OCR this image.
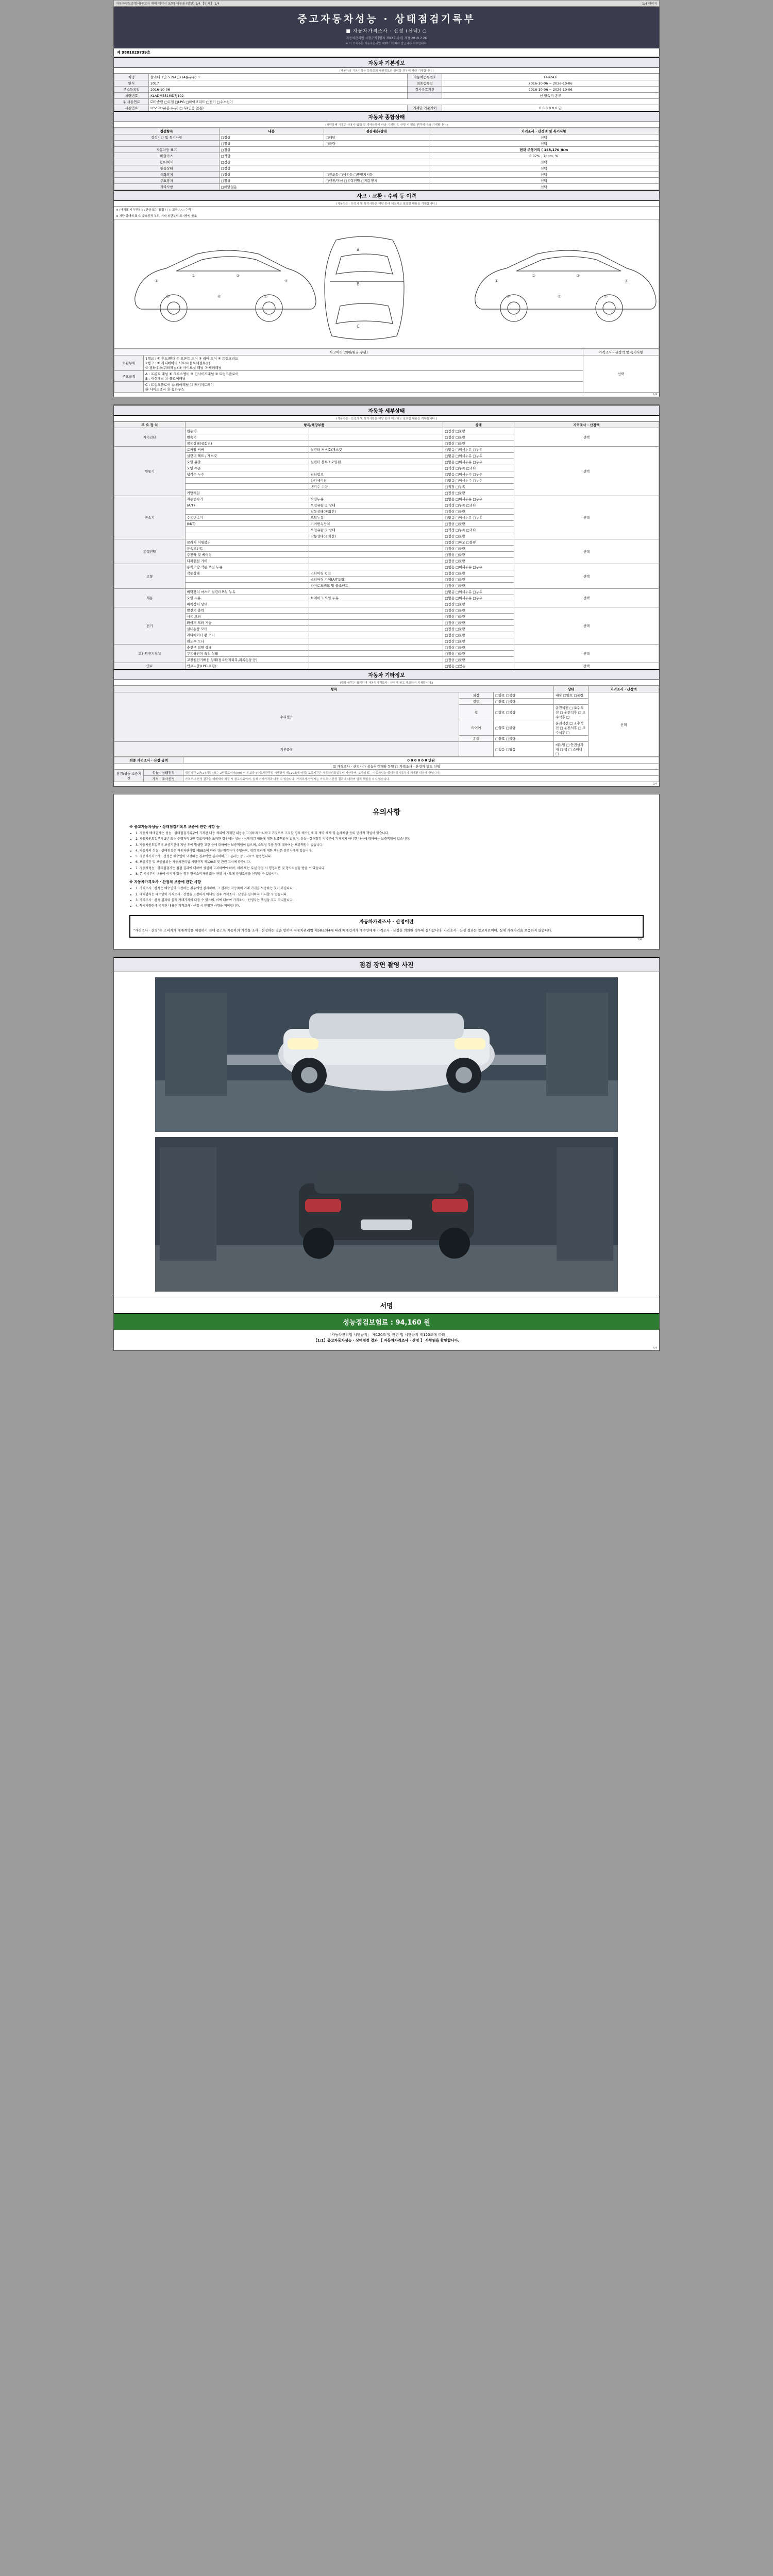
자동차양도증명서(중고차 매매 계약서 포함) 제공용 (앞면) 1/4 【인쇄】 1/4	1/4 페이지
중고자동차성능 · 상태점검기록부
■ 자동차가격조사 · 산정 (선택) ○
자동차관리법 시행규칙 [별지 제82호서식] 개정 2019.2.26
※ 이 기록부는 자동차관리법 제58조에 따라 발급되는 서류입니다.
제 9801029739호
자동차 기본정보
(자동차의 기본기록은 등록증의 제원정보와 상이할 경우에 따라 기재합니다.)
차명	쏠라티 1인 5.2(4인) (4륜구동) ☞	자동차등록번호	14924호
연식	2017	최초등록일	2016-10-06 ~ 2026-10-06
주소등록일	2016-10-06	검사유효기간	2016-10-06 ~ 2026-10-06
차량번호	KLADM551MD7J102		신 변속기 종류
주 사용연료	☑가솔린 □디젤 □LPG □하이브리드 □전기 □수소전기		
사용연료	LPV ☑ 유(본 유무) □ 무(인증 없음)	기재단 기준기어	0 0 0 0 0 0 단
자동차 종합상태
(차량상태 기록은 사용자 입력 및 계약사항에 따라 기재되며, 산정 시 별도 선택에 따라 기재됩니다.)
점검항목	내용	점검내용/상태	가격조사 · 산정액 및 특기사항
검정기간 및 특기사항	□정상	□해당	선택
	□정상	□불량	선택
자동차등 표기	□정상		현재 주행거리 ( 145,170 )Km
배출가스	□적합		0.07% , 7ppm, %
휠/타이어	□정상		선택
핸들상태	□정상		선택
등화장치	□정상	□전조등 □제동등 □방향지시등	선택
주요장치	□정상	□엔진/미션 □동력전달 □제동장치	선택
기타사항	□해당없음		선택
사고 · 교환 · 수리 등 이력
(자동차는 · 산정자 및 특기사항은 해당 칸에 체크하고 필요한 내용을 기재합니다.)
※ (사체표 시 부위) ○ : 판금 또는 용접 / □ : 교환 / △ : 수리
※ 차량 상태에 표기: 주요골격 부위, 기타 외판부위 표시방법 참조
①
②	③
④
⑤	⑥	⑦
A
B
C
①
②	③
④
⑤	⑥	⑦
사고이력 (외판/판금 부위)		가격조사 · 산정액 및 특기사항
외판부위	1랭크 : ① 후드/휀더 ② 프론트 도어 ③ 리어 도어 ④ 트렁크리드
2랭크 : ⑤ 라디에이터 서포트(볼트체결부품)
③ 휠하우스(쿼터패널) ⑥ 사이드실 패널 ⑦ 필러패널	선택
주요골격	A : 프론트 패널 ⑧ 크로스멤버 ⑨ 인사이드패널 ⑩ 트렁크플로어
B : 대쉬패널 ⑪ 플로어패널	

	C : 트렁크플로어 ⑫ 리어패널 ⑬ 패키지트레이
⑭ 사이드멤버 ⑮ 휠하우스	
1/4
자동차 세부상태
(자동차는 · 산정자 및 특기사항은 해당 칸에 체크하고 필요한 내용을 기재합니다.)
주 요 장 치	항목/해당부품		상태	가격조사 · 산정액
자기진단	원동기		□정상 □불량	선택
	변속기		□정상 □불량	
	작동상태(공회전)		□정상 □불량	
원동기	로커암 커버	실린더 커버호/개스킷	□없음 □미세누유 □누유	선택
	실린더 헤드 / 개스킷		□없음 □미세누유 □누유	
	오일 유출	실린더 블록 / 오일팬	□없음 □미세누유 □누유	
	오일 수준		□적정 □부족 □과다	
	냉각수 누수	워터펌프	□없음 □미세누수 □누수	
		라디에이터	□없음 □미세누수 □누수	
		냉각수 수량	□적정 □부족	
	커먼레일		□정상 □불량	
변속기	자동변속기	오일누유	□없음 □미세누유 □누유	선택
	(A/T)	오일유량 및 상태	□적정 □부족 □과다	
		작동상태(공회전)	□정상 □불량	
	수동변속기	오일누유	□없음 □미세누유 □누유	
	(M/T)	기어변속장치	□정상 □불량	
		오일유량 및 상태	□적정 □부족 □과다	
		작동상태(공회전)	□정상 □불량	
동력전달	클러치 어셈블리		□정상 □마모 □불량	선택
	등속조인트		□정상 □불량	
	추진축 및 베어링		□정상 □불량	
	디퍼렌셜 기어		□정상 □불량	
조향	동력조향 작동 오일 누유		□없음 □미세누유 □누유	선택
	작동상태	스티어링 펌프	□정상 □불량	
		스티어링 기어(A/T포함)	□정상 □불량	
		타이로드엔드 및 볼조인트	□정상 □불량	
제동	배력장치 마스터 실린더오일 누유		□없음 □미세누유 □누유	선택
	오일 누유	브레이크 오일 누유	□없음 □미세누유 □누유	
	배력장치 상태		□정상 □불량	
전기	발전기 출력		□정상 □불량	선택
	시동 모터		□정상 □불량	
	와이퍼 모터 기능		□정상 □불량	
	실내송풍 모터		□정상 □불량	
	라디에이터 팬 모터		□정상 □불량	
	윈도우 모터		□정상 □불량	
고전원전기장치	충전구 절연 상태		□정상 □불량	선택
	구동축전지 격리 상태		□정상 □불량	
	고전원전기배선 상태(접속단자피복,피복손상 등)		□정상 □불량	
연료	연료누출(LPG 포함)		□없음 □있음	선택
자동차 기타정보
(해당 항목은 표기하며 자동차가격조사 · 산정액 참고 체크하여 기재합니다.)
항목			상태	가격조사 · 산정액
수리필요	외장	□양호 □불량	내장 □양호 □불량	선택
	광택	□양호 □불량		
	휠	□양호 □불량	운전석전 □ 조수석전 □ 운전석후 □ 조수석후 □	
	타이어	□양호 □불량	운전석전 □ 조수석전 □ 운전석후 □ 조수석후 □	
	유리	□양호 □불량		
기본품목		□없음 □있음	매뉴얼 □ 안전삼각대 □ 잭 □ 스패너 □	
최종 가격조사 · 산정 금액		0 0 0 0 0 0 만원
☑ 가격조사 · 산정자가 성능점검자와 동일 □ 가격조사 · 산정자 별도 선임		
점검/성능 보증기간	성능 · 상태점검	점검기간 2년(24개월) 또는 2만킬로미터(km) 이내 보증 (자동차관리법 시행규칙 제120조에 따름) 보증기간은 자동차인도일부터 기산하며, 보증범위는 자동차성능·상태점검기록부에 기재된 내용에 한합니다.
	가격 · 조사산정	가격조사·산정 결과는 매매계약 체결 시 참고자료이며, 실제 거래가격과 다를 수 있습니다. 가격조사·산정자는 가격조사·산정 결과에 대하여 법적 책임을 지지 않습니다.
2/4
유의사항
※ 중고자동차성능 · 상태점검기록부 보증에 관한 사항 등
• 1. 자동차 매매업자는 성능 · 상태점검기록부에 기재된 내용 제외에 기재한 내용을 고지하지 아니하고 거짓으로 고지할 경우 매수인에 의 계약 해제 및 손해배상 등의 민사적 책임이 있습니다.
• 2. 자동차인도일부터 2년 또는 주행거리 2만 킬로미터를 초과한 경우에는 성능 · 상태점검 내용에 대한 보증책임이 없으며, 성능 · 상태점검 기록부에 기재되지 아니한 내용에 대하여는 보증책임이 없습니다.
• 3. 자동차인도일부터 보증기간이 지난 후에 발생한 고장 등에 대하여는 보증책임이 없으며, 소모성 부품 등에 대하여는 보증책임이 없습니다.
• 4. 자동차의 성능 · 상태점검은 자동차관리법 제58조에 따라 성능점검자가 수행하며, 점검 결과에 대한 책임은 점검자에게 있습니다.
• 5. 자동차가격조사 · 산정은 매수인이 요청하는 경우에만 실시하며, 그 결과는 참고자료로 활용됩니다.
• 6. 보증기간 및 보증범위는 자동차관리법 시행규칙 제120조 및 관련 고시에 따릅니다.
• 7. 자동차성능 · 상태점검자는 점검 결과에 대하여 성실히 고지하여야 하며, 허위 또는 부실 점검 시 행정처분 및 형사처벌을 받을 수 있습니다.
• 8. 본 기록부의 내용에 이의가 있는 경우 한국소비자원 또는 관할 시 · 도에 분쟁조정을 신청할 수 있습니다.
※ 자동차가격조사 · 산정의 보증에 관한 사항
• 1. 가격조사 · 산정은 매수인이 요청하는 경우에만 실시하며, 그 결과는 자동차의 거래 가격을 보증하는 것이 아닙니다.
• 2. 매매업자는 매수인이 가격조사 · 산정을 요청하지 아니한 경우 가격조사 · 산정을 실시하지 아니할 수 있습니다.
• 3. 가격조사 · 산정 결과와 실제 거래가격이 다를 수 있으며, 이에 대하여 가격조사 · 산정자는 책임을 지지 아니합니다.
• 4. 특기사항란에 기재된 내용은 가격조사 · 산정 시 반영된 사항을 의미합니다.
자동차가격조사 · 산정이란
"가격조사 · 산정"은 소비자가 매매계약을 체결하기 전에 중고차 자동차의 가격을 조사 · 산정하는 것을 말하며 자동차관리법 제58조의4에 따라 매매업자가 매수인에게 가격조사 · 산정을 의뢰한 경우에 실시합니다. 가격조사 · 산정 결과는 참고자료이며, 실제 거래가격을 보증하지 않습니다.
3/4
점검 장면 촬영 사진
서명
성능점검보험료 : 94,160 원
「자동차관리법 시행규칙」 제120조 및 관련 법 시행규칙 제120조에 따라
【1/1】중고자동차성능 · 상태점검 결과 【 자동차가격조사 · 산정 】 사항임을 확인합니다.
4/4
